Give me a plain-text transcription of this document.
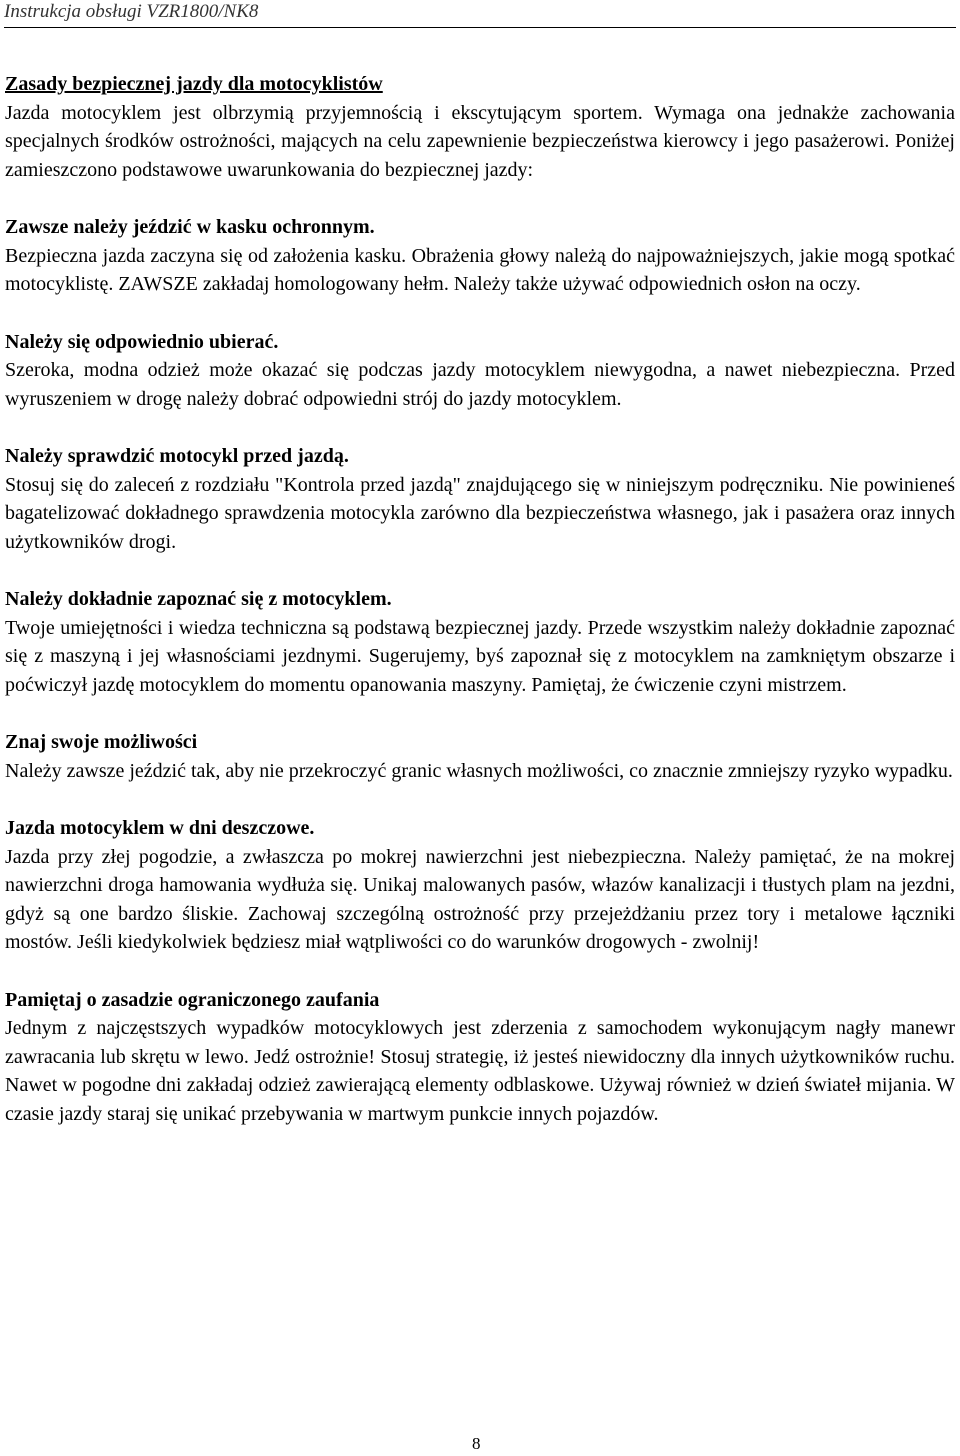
Instrukcja obsługi VZR1800/NK8

Zasady bezpiecznej jazdy dla motocyklistów

Jazda motocyklem jest olbrzymią przyjemnością i ekscytującym sportem. Wymaga ona jednakże zachowania specjalnych środków ostrożności, mających na celu zapewnienie bezpieczeństwa kierowcy i jego pasażerowi. Poniżej zamieszczono podstawowe uwarunkowania do bezpiecznej jazdy:

Zawsze należy jeździć w kasku ochronnym.

Bezpieczna jazda zaczyna się od założenia kasku. Obrażenia głowy należą do najpoważniejszych, jakie mogą spotkać motocyklistę. ZAWSZE zakładaj homologowany hełm. Należy także używać odpowiednich osłon na oczy.

Należy się odpowiednio ubierać.

Szeroka, modna odzież może okazać się podczas jazdy motocyklem niewygodna, a nawet niebezpieczna. Przed wyruszeniem w drogę należy dobrać odpowiedni strój do jazdy motocyklem.

Należy sprawdzić motocykl przed jazdą.

Stosuj się do zaleceń z rozdziału "Kontrola przed jazdą" znajdującego się w niniejszym podręczniku. Nie powinieneś bagatelizować dokładnego sprawdzenia motocykla zarówno dla bezpieczeństwa własnego, jak i pasażera oraz innych użytkowników drogi.

Należy dokładnie zapoznać się z motocyklem.

Twoje umiejętności i wiedza techniczna są podstawą bezpiecznej jazdy. Przede wszystkim należy dokładnie zapoznać się z maszyną i jej własnościami jezdnymi. Sugerujemy, byś zapoznał się z motocyklem na zamkniętym obszarze i poćwiczył jazdę motocyklem do momentu opanowania maszyny. Pamiętaj, że ćwiczenie czyni mistrzem.

Znaj swoje możliwości

Należy zawsze jeździć tak, aby nie przekroczyć granic własnych możliwości, co znacznie zmniejszy ryzyko wypadku.

Jazda motocyklem w dni deszczowe.

Jazda przy złej pogodzie, a zwłaszcza po mokrej nawierzchni jest niebezpieczna. Należy pamiętać, że na mokrej nawierzchni droga hamowania wydłuża się. Unikaj malowanych pasów, włazów kanalizacji i tłustych plam na jezdni, gdyż są one bardzo śliskie. Zachowaj szczególną ostrożność przy przejeżdżaniu przez tory i metalowe łączniki mostów. Jeśli kiedykolwiek będziesz miał wątpliwości co do warunków drogowych - zwolnij!

Pamiętaj o zasadzie ograniczonego zaufania

Jednym z najczęstszych wypadków motocyklowych jest zderzenia z samochodem wykonującym nagły manewr zawracania lub skrętu w lewo. Jedź ostrożnie! Stosuj strategię, iż jesteś niewidoczny dla innych użytkowników ruchu. Nawet w pogodne dni zakładaj odzież zawierającą elementy odblaskowe. Używaj również w dzień świateł mijania. W czasie jazdy staraj się unikać przebywania w martwym punkcie innych pojazdów.

8
